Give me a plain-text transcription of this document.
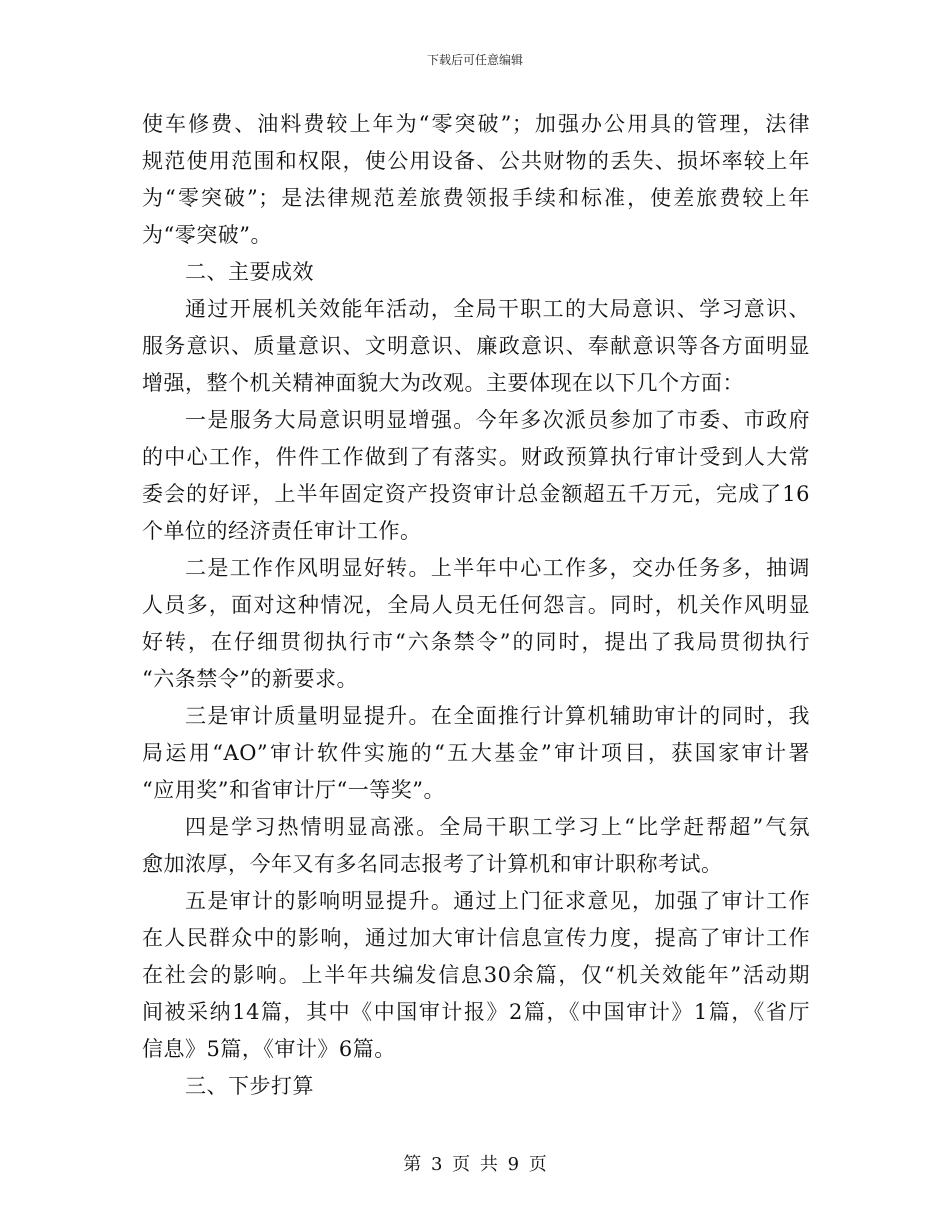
下载后可任意编辑
使车修费、油料费较上年为“零突破”；加强办公用具的管理，法律
规范使用范围和权限，使公用设备、公共财物的丢失、损坏率较上年
为“零突破”；是法律规范差旅费领报手续和标准，使差旅费较上年
为“零突破”。
二、主要成效
通过开展机关效能年活动，全局干职工的大局意识、学习意识、
服务意识、质量意识、文明意识、廉政意识、奉献意识等各方面明显
增强，整个机关精神面貌大为改观。主要体现在以下几个方面：
一是服务大局意识明显增强。今年多次派员参加了市委、市政府
的中心工作，件件工作做到了有落实。财政预算执行审计受到人大常
委会的好评，上半年固定资产投资审计总金额超五千万元，完成了16
个单位的经济责任审计工作。
二是工作作风明显好转。上半年中心工作多，交办任务多，抽调
人员多，面对这种情况，全局人员无任何怨言。同时，机关作风明显
好转，在仔细贯彻执行市“六条禁令”的同时，提出了我局贯彻执行
“六条禁令”的新要求。
三是审计质量明显提升。在全面推行计算机辅助审计的同时，我
局运用“AO”审计软件实施的“五大基金”审计项目，获国家审计署
“应用奖”和省审计厅“一等奖”。
四是学习热情明显高涨。全局干职工学习上“比学赶帮超”气氛
愈加浓厚，今年又有多名同志报考了计算机和审计职称考试。
五是审计的影响明显提升。通过上门征求意见，加强了审计工作
在人民群众中的影响，通过加大审计信息宣传力度，提高了审计工作
在社会的影响。上半年共编发信息30余篇，仅“机关效能年”活动期
间被采纳14篇，其中《中国审计报》2篇，《中国审计》1篇，《省厅
信息》5篇，《审计》6篇。
三、下步打算
第 3 页 共 9 页
